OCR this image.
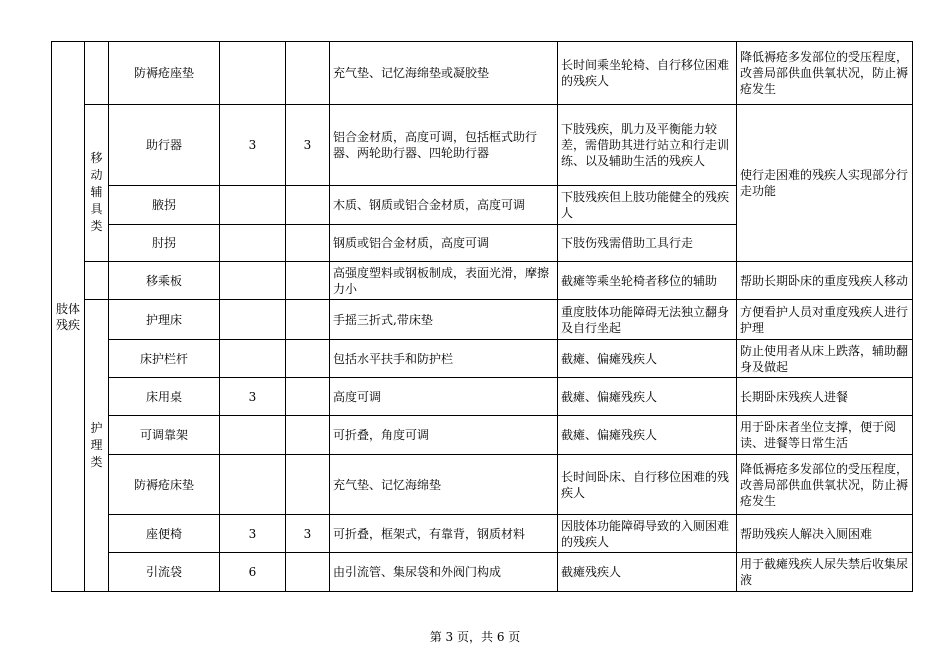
肢体残疾		防褥疮座垫			充气垫、记忆海绵垫或凝胶垫	长时间乘坐轮椅、自行移位困难的残疾人	降低褥疮多发部位的受压程度，改善局部供血供氧状况，防止褥疮发生

	移动辅具类	助行器	3	3	铝合金材质，高度可调，包括框式助行器、两轮助行器、四轮助行器	下肢残疾，肌力及平衡能力较差，需借助其进行站立和行走训练、以及辅助生活的残疾人	使行走困难的残疾人实现部分行走功能
		腋拐			木质、钢质或铝合金材质，高度可调	下肢残疾但上肢功能健全的残疾人	
		肘拐			钢质或铝合金材质，高度可调	下肢伤残需借助工具行走	
		移乘板			高强度塑料或钢板制成，表面光滑，摩擦力小	截瘫等乘坐轮椅者移位的辅助	帮助长期卧床的重度残疾人移动

	护理类	护理床			手摇三折式,带床垫	重度肢体功能障碍无法独立翻身及自行坐起	方便看护人员对重度残疾人进行护理
		床护栏杆			包括水平扶手和防护栏	截瘫、偏瘫残疾人	防止使用者从床上跌落，辅助翻身及做起
		床用桌	3		高度可调	截瘫、偏瘫残疾人	长期卧床残疾人进餐
		可调靠架			可折叠，角度可调	截瘫、偏瘫残疾人	用于卧床者坐位支撑，便于阅读、进餐等日常生活
		防褥疮床垫			充气垫、记忆海绵垫	长时间卧床、自行移位困难的残疾人	降低褥疮多发部位的受压程度，改善局部供血供氧状况，防止褥疮发生
		座便椅	3	3	可折叠，框架式，有靠背，钢质材料	因肢体功能障碍导致的入厕困难的残疾人	帮助残疾人解决入厕困难
		引流袋	6		由引流管、集尿袋和外阀门构成	截瘫残疾人	用于截瘫残疾人尿失禁后收集尿液
第 3 页，共 6 页
